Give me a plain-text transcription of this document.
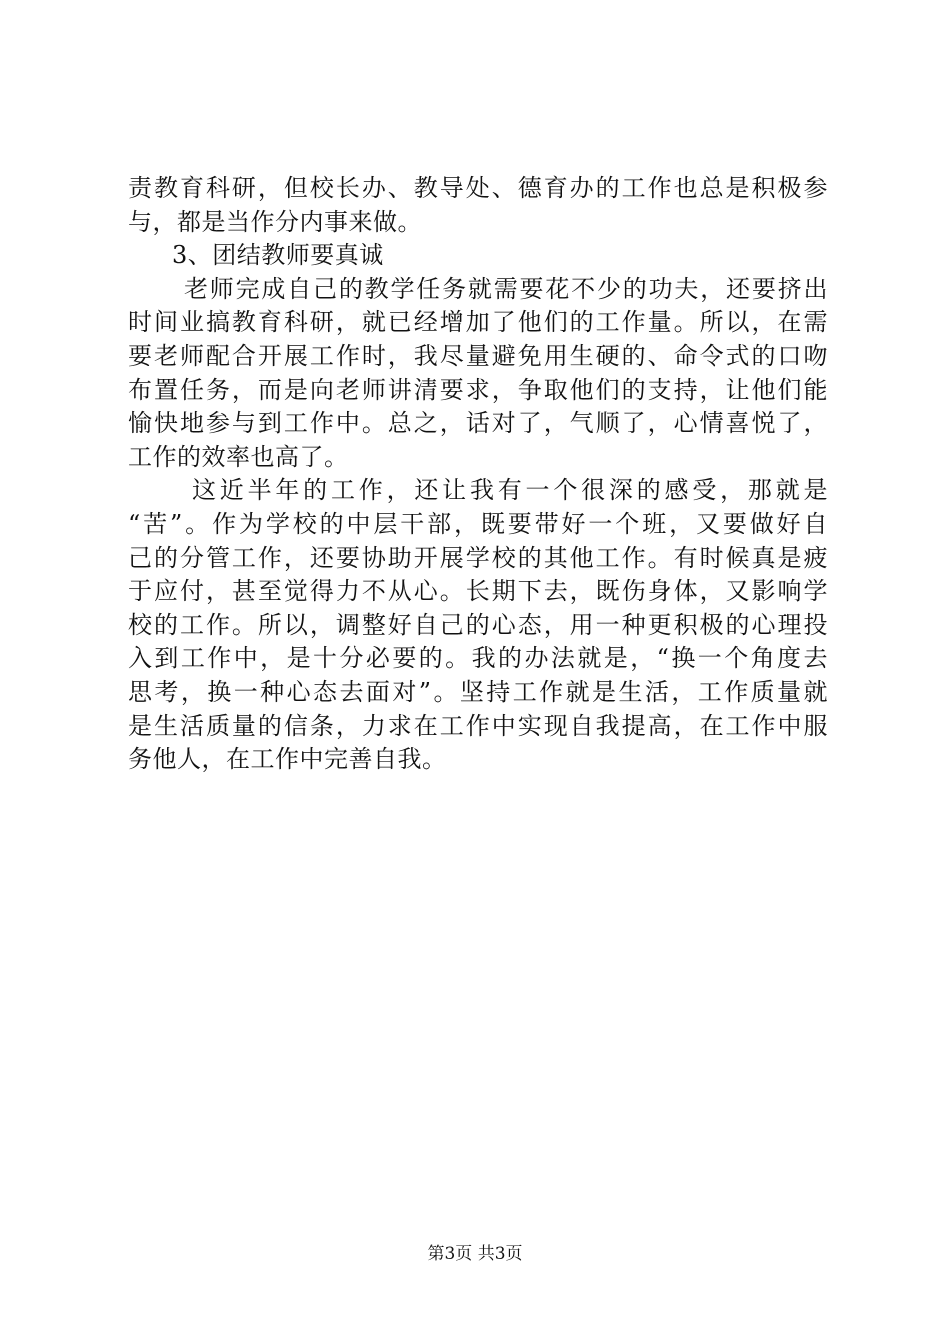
责教育科研，但校长办、教导处、德育办的工作也总是积极参
与，都是当作分内事来做。
3、团结教师要真诚
老师完成自己的教学任务就需要花不少的功夫，还要挤出
时间业搞教育科研，就已经增加了他们的工作量。所以，在需
要老师配合开展工作时，我尽量避免用生硬的、命令式的口吻
布置任务，而是向老师讲清要求，争取他们的支持，让他们能
愉快地参与到工作中。总之，话对了，气顺了，心情喜悦了，
工作的效率也高了。
这近半年的工作，还让我有一个很深的感受，那就是
“苦”。作为学校的中层干部，既要带好一个班，又要做好自
己的分管工作，还要协助开展学校的其他工作。有时候真是疲
于应付，甚至觉得力不从心。长期下去，既伤身体，又影响学
校的工作。所以，调整好自己的心态，用一种更积极的心理投
入到工作中，是十分必要的。我的办法就是，“换一个角度去
思考，换一种心态去面对”。坚持工作就是生活，工作质量就
是生活质量的信条，力求在工作中实现自我提高，在工作中服
务他人，在工作中完善自我。
第3页 共3页
